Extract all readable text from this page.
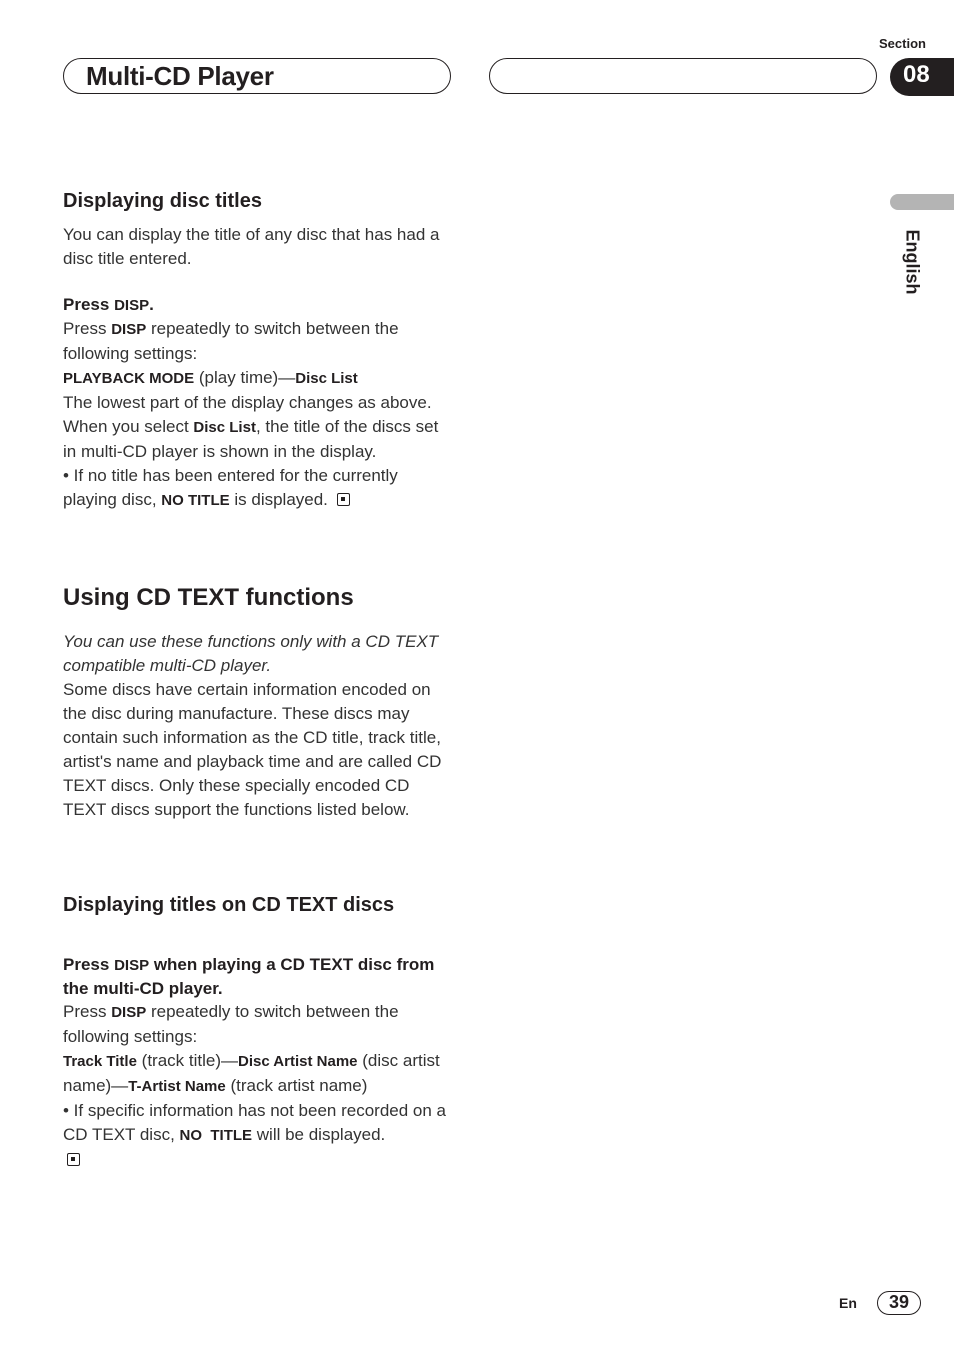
Multi-CD Player
Section
08
English

Displaying disc titles

You can display the title of any disc that has had a disc title entered.

Press DISP.

Press DISP repeatedly to switch between the following settings:

PLAYBACK MODE (play time)—Disc List

The lowest part of the display changes as above. When you select Disc List, the title of the discs set in multi-CD player is shown in the display.

• If no title has been entered for the currently playing disc, NO TITLE is displayed.

Using CD TEXT functions

You can use these functions only with a CD TEXT compatible multi-CD player.

Some discs have certain information encoded on the disc during manufacture. These discs may contain such information as the CD title, track title, artist's name and playback time and are called CD TEXT discs. Only these specially encoded CD TEXT discs support the functions listed below.

Displaying titles on CD TEXT discs

Press DISP when playing a CD TEXT disc from the multi-CD player.

Press DISP repeatedly to switch between the following settings:

Track Title (track title)—Disc Artist Name (disc artist name)—T-Artist Name (track artist name)

• If specific information has not been recorded on a CD TEXT disc, NO  TITLE will be displayed.

En	39
